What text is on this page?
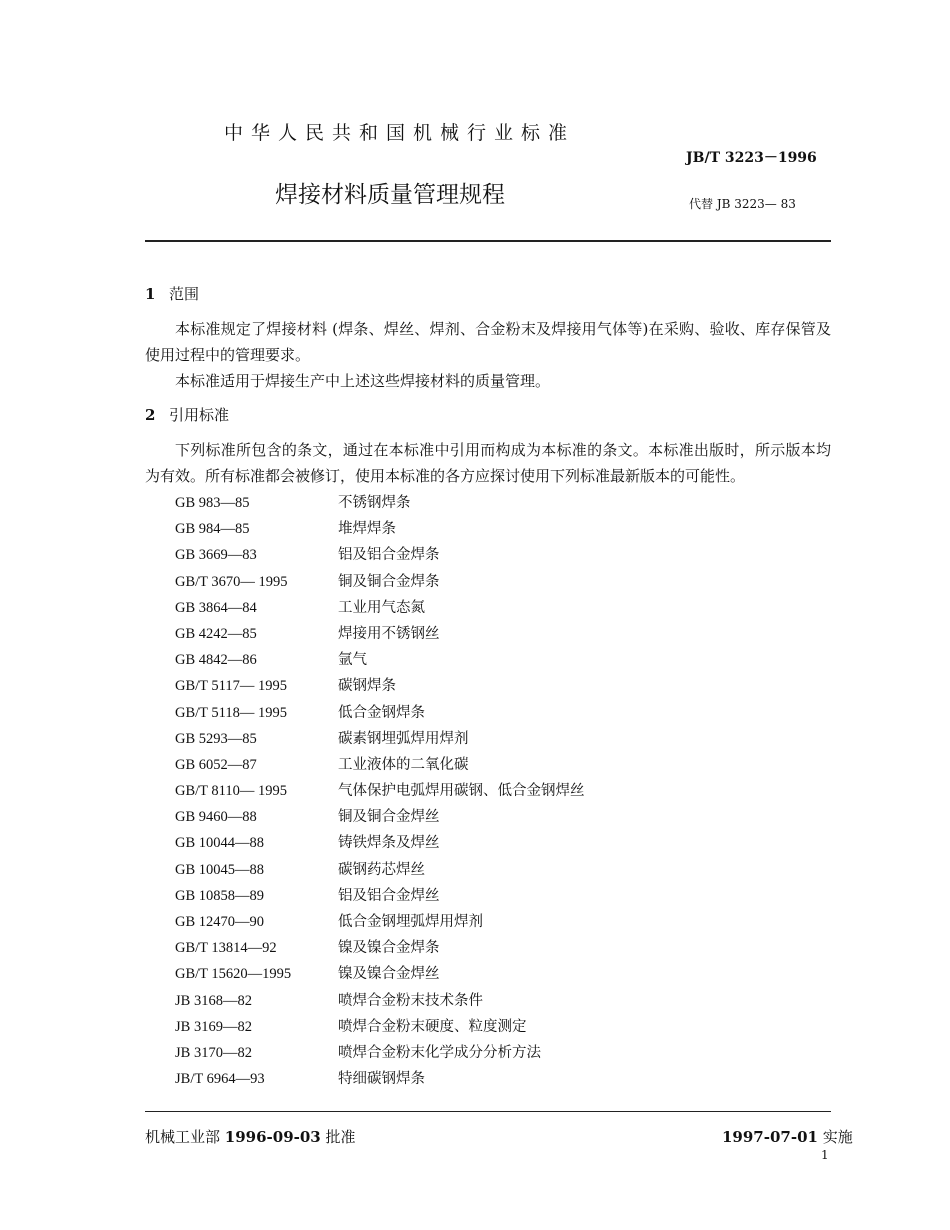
中华人民共和国机械行业标准
JB/T 3223－1996
焊接材料质量管理规程	代替 JB 3223— 83
1 范围
本标准规定了焊接材料 (焊条、焊丝、焊剂、合金粉末及焊接用气体等)在采购、验收、库存保管及使用过程中的管理要求。
本标准适用于焊接生产中上述这些焊接材料的质量管理。
2 引用标准
下列标准所包含的条文，通过在本标准中引用而构成为本标准的条文。本标准出版时，所示版本均为有效。所有标准都会被修订，使用本标准的各方应探讨使用下列标准最新版本的可能性。
GB 983—85	不锈钢焊条
GB 984—85	堆焊焊条
GB 3669—83	铝及铝合金焊条
GB/T 3670— 1995	铜及铜合金焊条
GB 3864—84	工业用气态氮
GB 4242—85	焊接用不锈钢丝
GB 4842—86	氩气
GB/T 5117— 1995	碳钢焊条
GB/T 5118— 1995	低合金钢焊条
GB 5293—85	碳素钢埋弧焊用焊剂
GB 6052—87	工业液体的二氧化碳
GB/T 8110— 1995	气体保护电弧焊用碳钢、低合金钢焊丝
GB 9460—88	铜及铜合金焊丝
GB 10044—88	铸铁焊条及焊丝
GB 10045—88	碳钢药芯焊丝
GB 10858—89	铝及铝合金焊丝
GB 12470—90	低合金钢埋弧焊用焊剂
GB/T 13814—92	镍及镍合金焊条
GB/T 15620—1995	镍及镍合金焊丝
JB 3168—82	喷焊合金粉末技术条件
JB 3169—82	喷焊合金粉末硬度、粒度测定
JB 3170—82	喷焊合金粉末化学成分分析方法
JB/T 6964—93	特细碳钢焊条
机械工业部 1996-09-03 批准	1997-07-01 实施
1
